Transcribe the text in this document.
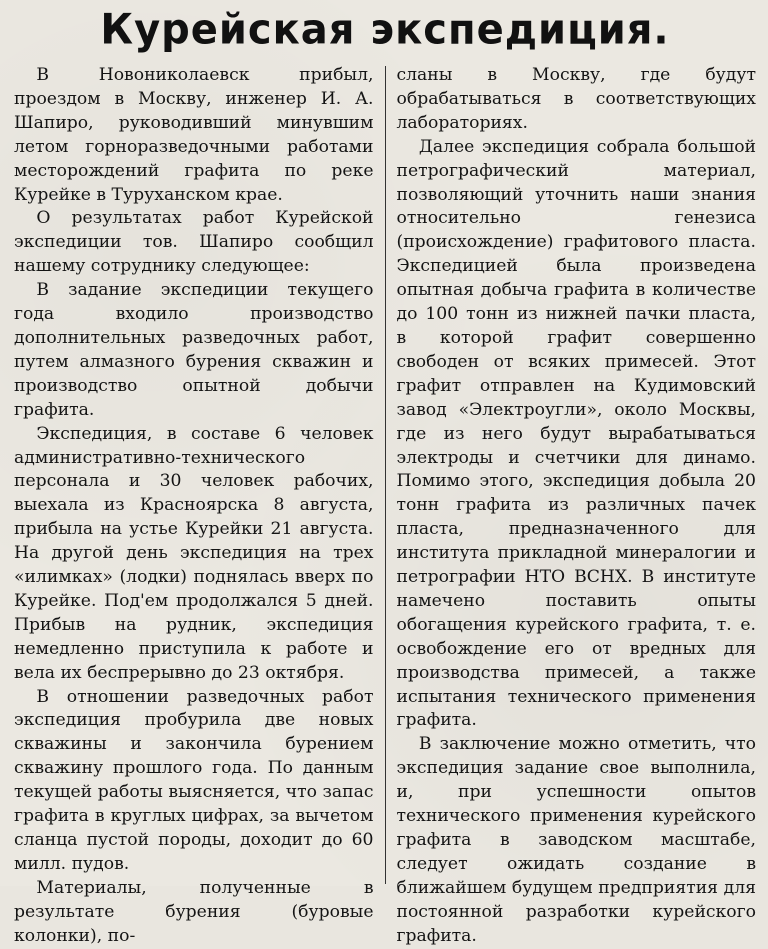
Курейская экспедиция.

В Новониколаевск прибыл, проездом в Москву, инженер И. А. Шапиро, руководивший минувшим летом горноразведочными работами месторождений графита по реке Курейке в Туруханском крае.

О результатах работ Курейской экспедиции тов. Шапиро сообщил нашему сотруднику следующее:

В задание экспедиции текущего года входило производство дополнительных разведочных работ, путем алмазного бурения скважин и производство опытной добычи графита.

Экспедиция, в составе 6 человек административно-технического персонала и 30 человек рабочих, выехала из Красноярска 8 августа, прибыла на устье Курейки 21 августа. На другой день экспедиция на трех «илимках» (лодки) поднялась вверх по Курейке. Под'ем продолжался 5 дней. Прибыв на рудник, экспедиция немедленно приступила к работе и вела их беспрерывно до 23 октября.

В отношении разведочных работ экспедиция пробурила две новых скважины и закончила бурением скважину прошлого года. По данным текущей работы выясняется, что запас графита в круглых цифрах, за вычетом сланца пустой породы, доходит до 60 милл. пудов.

Материалы, полученные в результате бурения (буровые колонки), по-

сланы в Москву, где будут обрабатываться в соответствующих лабораториях.

Далее экспедиция собрала большой петрографический материал, позволяющий уточнить наши знания относительно генезиса (происхождение) графитового пласта. Экспедицией была произведена опытная добыча графита в количестве до 100 тонн из нижней пачки пласта, в которой графит совершенно свободен от всяких примесей. Этот графит отправлен на Кудимовский завод «Электроугли», около Москвы, где из него будут вырабатываться электроды и счетчики для динамо. Помимо этого, экспедиция добыла 20 тонн графита из различных пачек пласта, предназначенного для института прикладной минералогии и петрографии НТО ВСНХ. В институте намечено поставить опыты обогащения курейского графита, т. е. освобождение его от вредных для производства примесей, а также испытания технического применения графита.

В заключение можно отметить, что экспедиция задание свое выполнила, и, при успешности опытов технического применения курейского графита в заводском масштабе, следует ожидать создание в ближайшем будущем предприятия для постоянной разработки курейского графита.
